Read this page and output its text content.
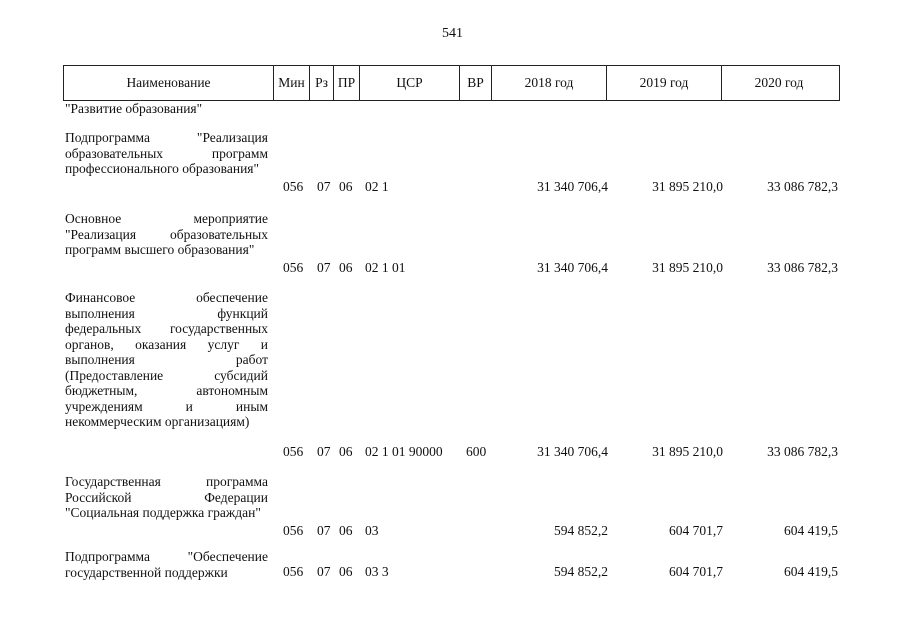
541
Наименование	Мин Рз ПР	ЦСР	ВР	2018 год	2019 год	2020 год
"Развитие образования"
Подпрограмма "Реализация образовательных программ профессионального образования"
056 07 06 02 1	31 340 706,4	31 895 210,0	33 086 782,3
Основное мероприятие "Реализация образовательных программ высшего образования"
056 07 06 02 1 01	31 340 706,4	31 895 210,0	33 086 782,3
Финансовое обеспечение выполнения функций федеральных государственных органов, оказания услуг и выполнения работ (Предоставление субсидий бюджетным, автономным учреждениям и иным некоммерческим организациям)
056 07 06 02 1 01 90000 600	31 340 706,4	31 895 210,0	33 086 782,3
Государственная программа Российской Федерации "Социальная поддержка граждан"
056 07 06 03	594 852,2	604 701,7	604 419,5
Подпрограмма "Обеспечение государственной поддержки	056 07 06 03 3	594 852,2	604 701,7	604 419,5
